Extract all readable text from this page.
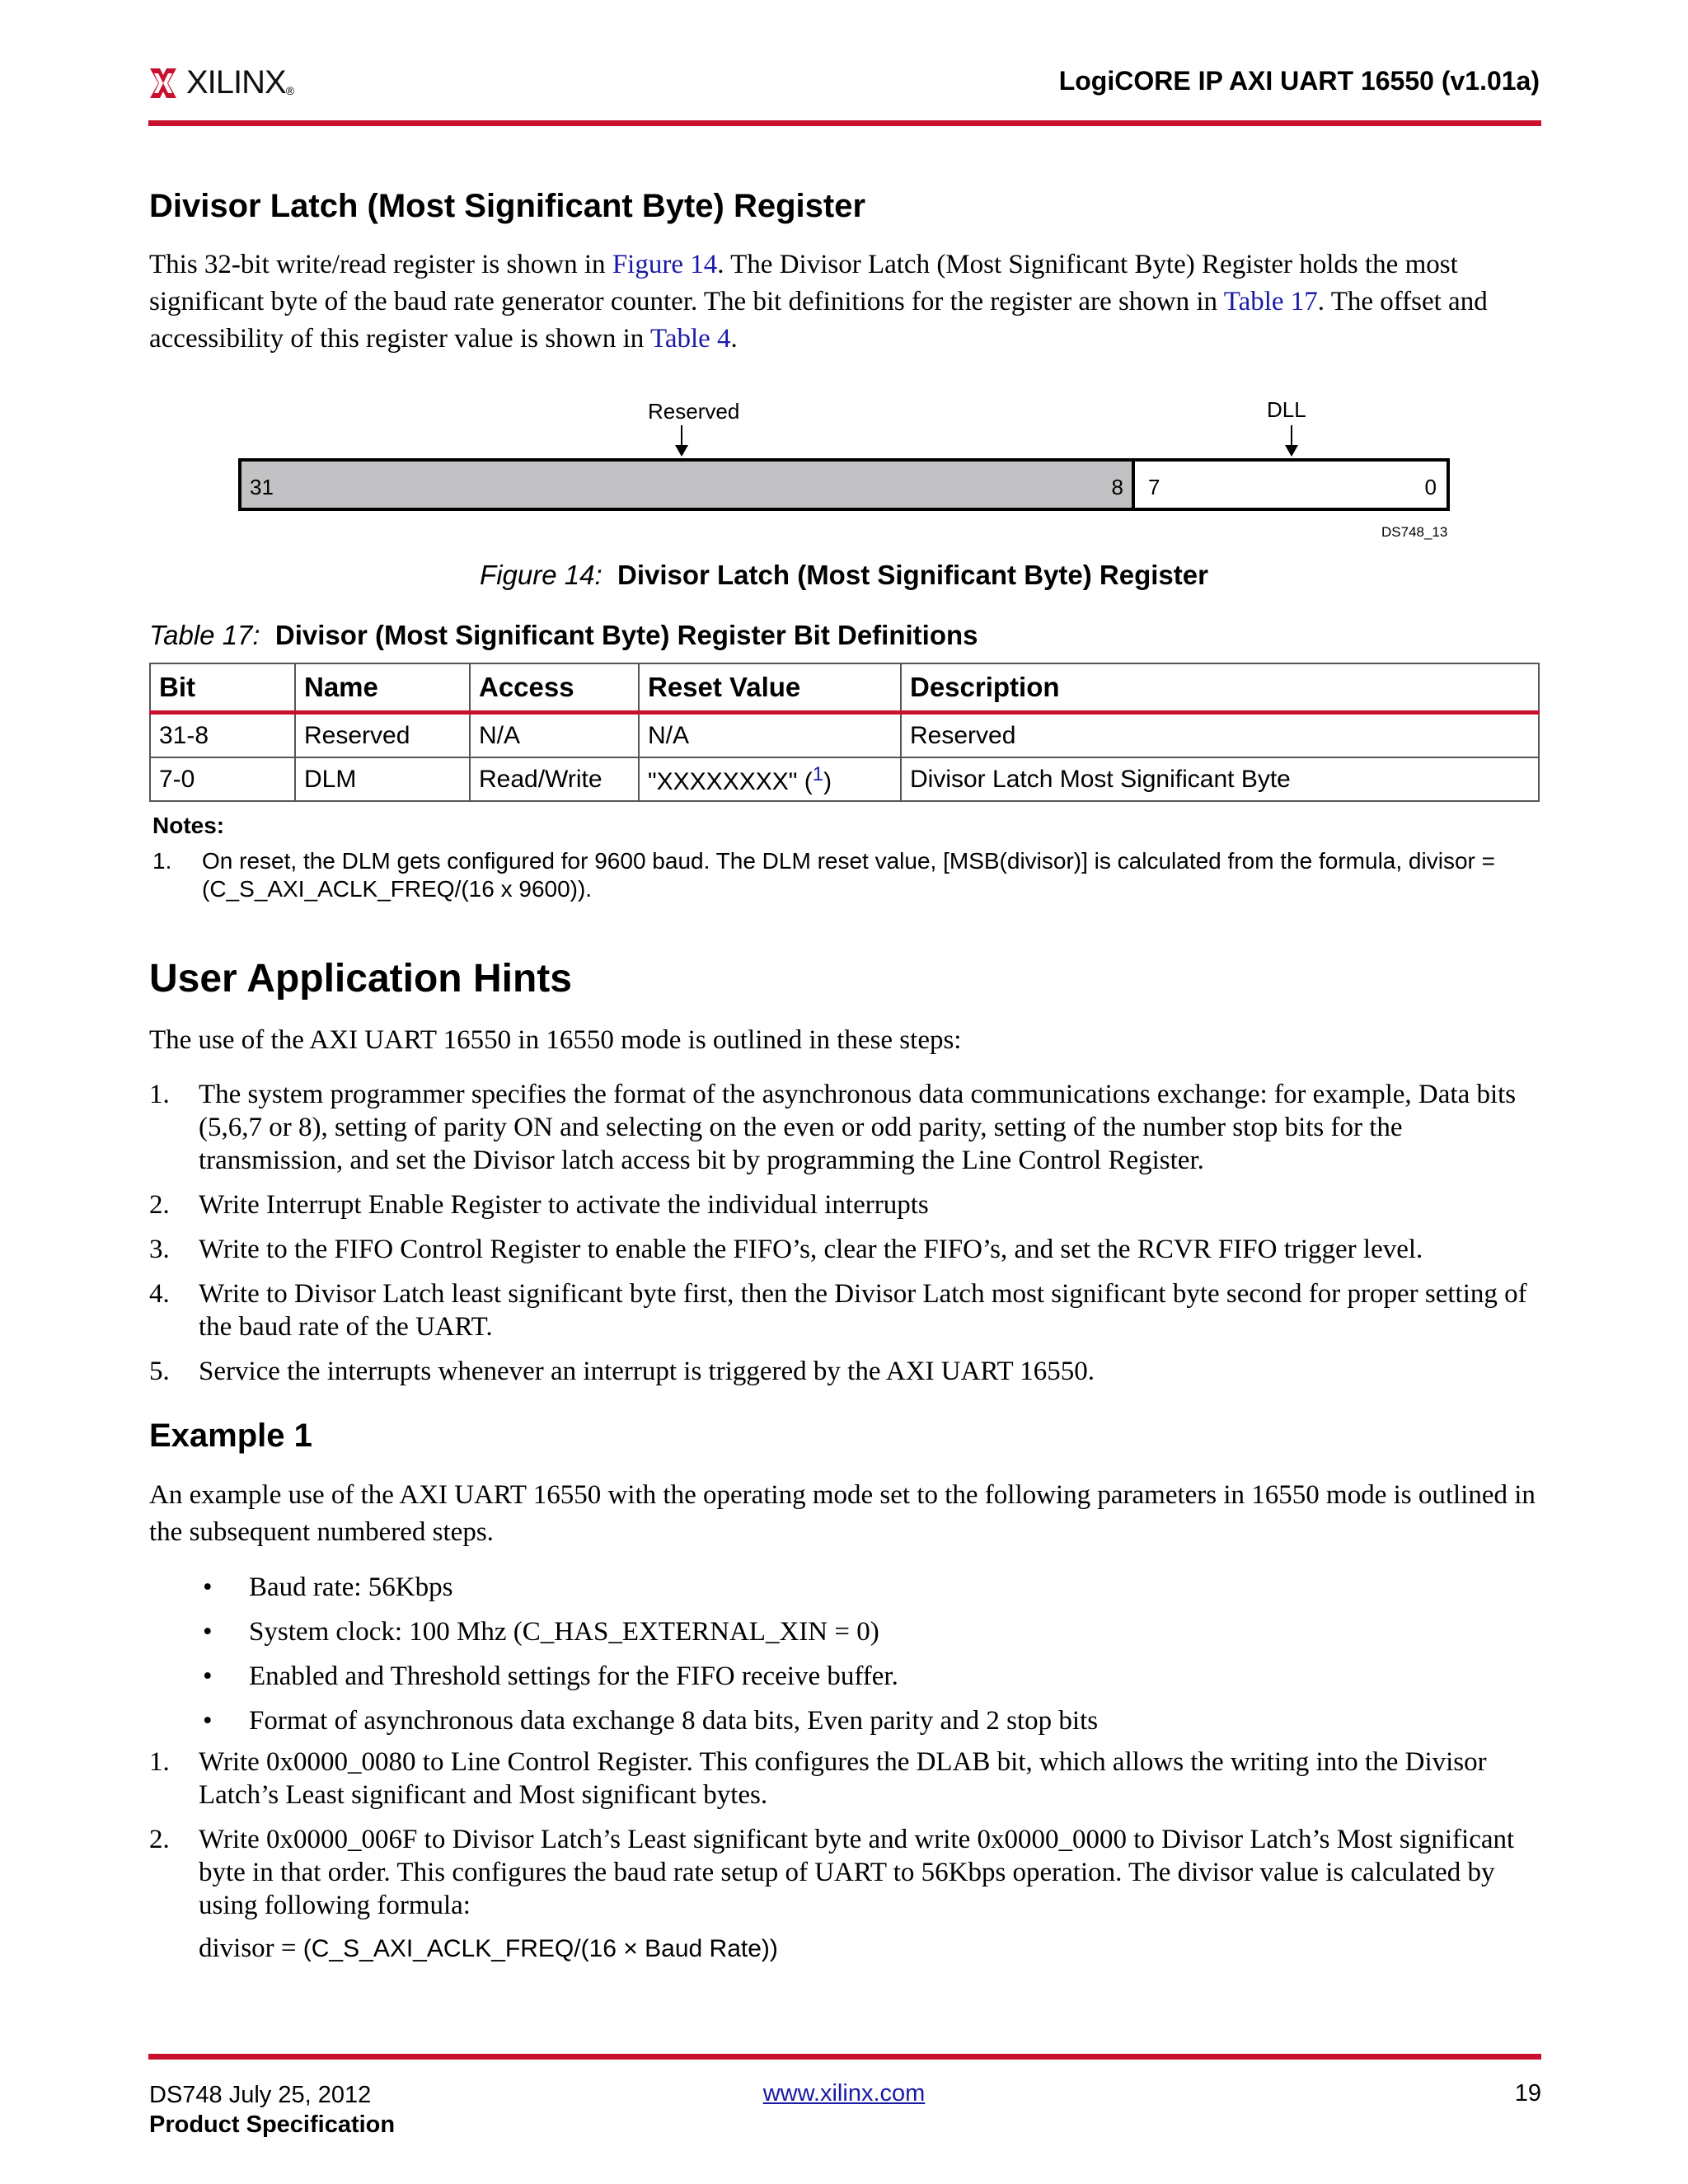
XILINX ®	LogiCORE IP AXI UART 16550 (v1.01a)
Divisor Latch (Most Significant Byte) Register

This 32-bit write/read register is shown in Figure 14. The Divisor Latch (Most Significant Byte) Register holds the most significant byte of the baud rate generator counter. The bit definitions for the register are shown in Table 17. The offset and accessibility of this register value is shown in Table 4.

Reserved	DLL
31	8 7	0
DS748_13
Figure 14: Divisor Latch (Most Significant Byte) Register
Table 17: Divisor (Most Significant Byte) Register Bit Definitions
Bit	Name	Access	Reset Value	Description
31-8	Reserved	N/A	N/A	Reserved
7-0	DLM	Read/Write	"XXXXXXXX" ($^1$)	Divisor Latch Most Significant Byte
Notes:
1. On reset, the DLM gets configured for 9600 baud. The DLM reset value, [MSB(divisor)] is calculated from the formula, divisor = (C_S_AXI_ACLK_FREQ/(16 x 9600)).
User Application Hints

The use of the AXI UART 16550 in 16550 mode is outlined in these steps:

1. The system programmer specifies the format of the asynchronous data communications exchange: for example, Data bits (5,6,7 or 8), setting of parity ON and selecting on the even or odd parity, setting of the number stop bits for the transmission, and set the Divisor latch access bit by programming the Line Control Register.
2. Write Interrupt Enable Register to activate the individual interrupts
3. Write to the FIFO Control Register to enable the FIFO’s, clear the FIFO’s, and set the RCVR FIFO trigger level.
4. Write to Divisor Latch least significant byte first, then the Divisor Latch most significant byte second for proper setting of the baud rate of the UART.
5. Service the interrupts whenever an interrupt is triggered by the AXI UART 16550.
Example 1

An example use of the AXI UART 16550 with the operating mode set to the following parameters in 16550 mode is outlined in the subsequent numbered steps.

• Baud rate: 56Kbps
• System clock: 100 Mhz (C_HAS_EXTERNAL_XIN = 0)
• Enabled and Threshold settings for the FIFO receive buffer.
• Format of asynchronous data exchange 8 data bits, Even parity and 2 stop bits
1. Write 0x0000_0080 to Line Control Register. This configures the DLAB bit, which allows the writing into the Divisor Latch’s Least significant and Most significant bytes.
2. Write 0x0000_006F to Divisor Latch’s Least significant byte and write 0x0000_0000 to Divisor Latch’s Most significant byte in that order. This configures the baud rate setup of UART to 56Kbps operation. The divisor value is calculated by using following formula:
divisor = (C_S_AXI_ACLK_FREQ/(16 × Baud Rate))
DS748 July 25, 2012
Product Specification
www.xilinx.com	19
